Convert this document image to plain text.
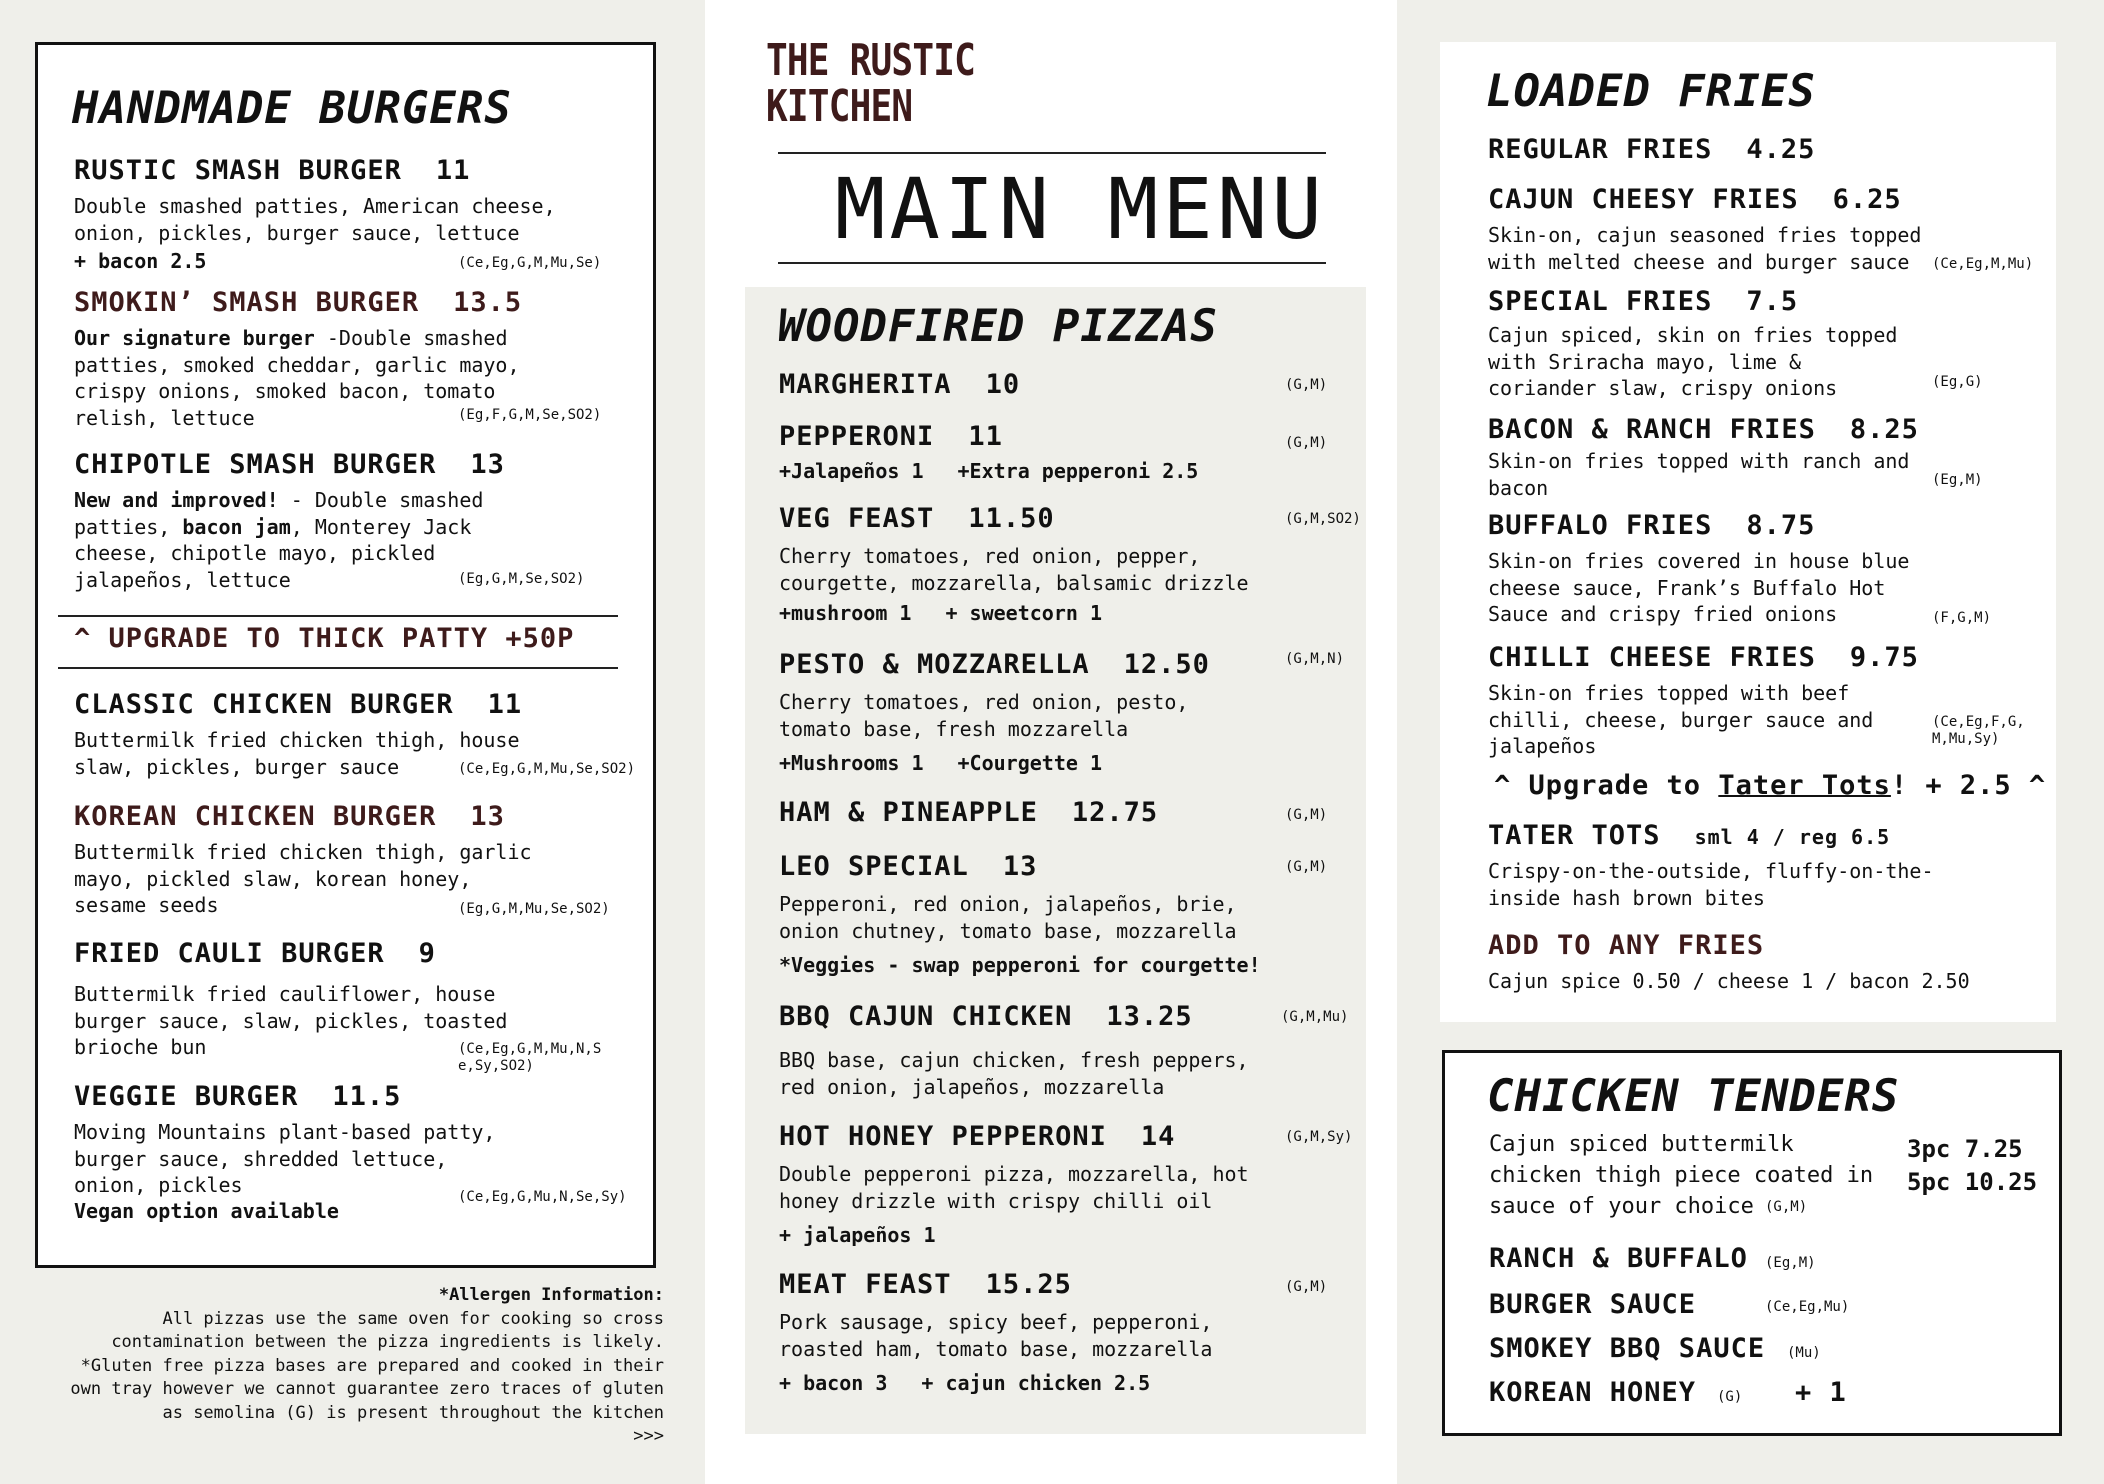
HANDMADE BURGERS
RUSTIC SMASH BURGER 11
Double smashed patties, American cheese,
onion, pickles, burger sauce, lettuce
+ bacon 2.5	(Ce,Eg,G,M,Mu,Se)
SMOKIN’ SMASH BURGER 13.5
Our signature burger -Double smashed
patties, smoked cheddar, garlic mayo,
crispy onions, smoked bacon, tomato
relish, lettuce	(Eg,F,G,M,Se,SO2)
CHIPOTLE SMASH BURGER 13
New and improved! - Double smashed
patties, bacon jam, Monterey Jack
cheese, chipotle mayo, pickled
jalapeños, lettuce	(Eg,G,M,Se,SO2)
^ UPGRADE TO THICK PATTY +50P
CLASSIC CHICKEN BURGER 11
Buttermilk fried chicken thigh, house
slaw, pickles, burger sauce	(Ce,Eg,G,M,Mu,Se,SO2)
KOREAN CHICKEN BURGER 13
Buttermilk fried chicken thigh, garlic
mayo, pickled slaw, korean honey,
sesame seeds	(Eg,G,M,Mu,Se,SO2)
FRIED CAULI BURGER 9
Buttermilk fried cauliflower, house
burger sauce, slaw, pickles, toasted
brioche bun	(Ce,Eg,G,M,Mu,N,S
e,Sy,SO2)
VEGGIE BURGER 11.5
Moving Mountains plant-based patty,
burger sauce, shredded lettuce,
onion, pickles
Vegan option available
(Ce,Eg,G,Mu,N,Se,Sy)
*Allergen Information:
All pizzas use the same oven for cooking so cross
contamination between the pizza ingredients is likely.
*Gluten free pizza bases are prepared and cooked in their
own tray however we cannot guarantee zero traces of gluten
as semolina (G) is present throughout the kitchen
>>>
THE RUSTIC
KITCHEN
MAIN MENU
WOODFIRED PIZZAS
MARGHERITA 10	(G,M)
PEPPERONI 11	(G,M)
+Jalapeños 1 +Extra pepperoni 2.5
VEG FEAST 11.50	(G,M,SO2)
Cherry tomatoes, red onion, pepper,
courgette, mozzarella, balsamic drizzle
+mushroom 1 + sweetcorn 1
PESTO & MOZZARELLA 12.50	(G,M,N)
Cherry tomatoes, red onion, pesto,
tomato base, fresh mozzarella
+Mushrooms 1 +Courgette 1
HAM & PINEAPPLE 12.75	(G,M)
LEO SPECIAL 13	(G,M)
Pepperoni, red onion, jalapeños, brie,
onion chutney, tomato base, mozzarella
*Veggies - swap pepperoni for courgette!
BBQ CAJUN CHICKEN 13.25	(G,M,Mu)
BBQ base, cajun chicken, fresh peppers,
red onion, jalapeños, mozzarella
HOT HONEY PEPPERONI 14	(G,M,Sy)
Double pepperoni pizza, mozzarella, hot
honey drizzle with crispy chilli oil
+ jalapeños 1
MEAT FEAST 15.25	(G,M)
Pork sausage, spicy beef, pepperoni,
roasted ham, tomato base, mozzarella
+ bacon 3 + cajun chicken 2.5
LOADED FRIES
REGULAR FRIES 4.25
CAJUN CHEESY FRIES 6.25
Skin-on, cajun seasoned fries topped
with melted cheese and burger sauce	(Ce,Eg,M,Mu)
SPECIAL FRIES 7.5
Cajun spiced, skin on fries topped
with Sriracha mayo, lime &
coriander slaw, crispy onions	(Eg,G)
BACON & RANCH FRIES 8.25
Skin-on fries topped with ranch and
bacon	(Eg,M)
BUFFALO FRIES 8.75
Skin-on fries covered in house blue
cheese sauce, Frank’s Buffalo Hot
Sauce and crispy fried onions	(F,G,M)
CHILLI CHEESE FRIES 9.75
Skin-on fries topped with beef
chilli, cheese, burger sauce and
jalapeños
(Ce,Eg,F,G,
M,Mu,Sy)
^ Upgrade to Tater Tots! + 2.5 ^
TATER TOTS sml 4 / reg 6.5
Crispy-on-the-outside, fluffy-on-the-
inside hash brown bites
ADD TO ANY FRIES
Cajun spice 0.50 / cheese 1 / bacon 2.50
CHICKEN TENDERS
Cajun spiced buttermilk
chicken thigh piece coated in
sauce of your choice (G,M)
3pc 7.25
5pc 10.25
RANCH & BUFFALO (Eg,M)
BURGER SAUCE	(Ce,Eg,Mu)
SMOKEY BBQ SAUCE (Mu)
KOREAN HONEY (G) + 1
